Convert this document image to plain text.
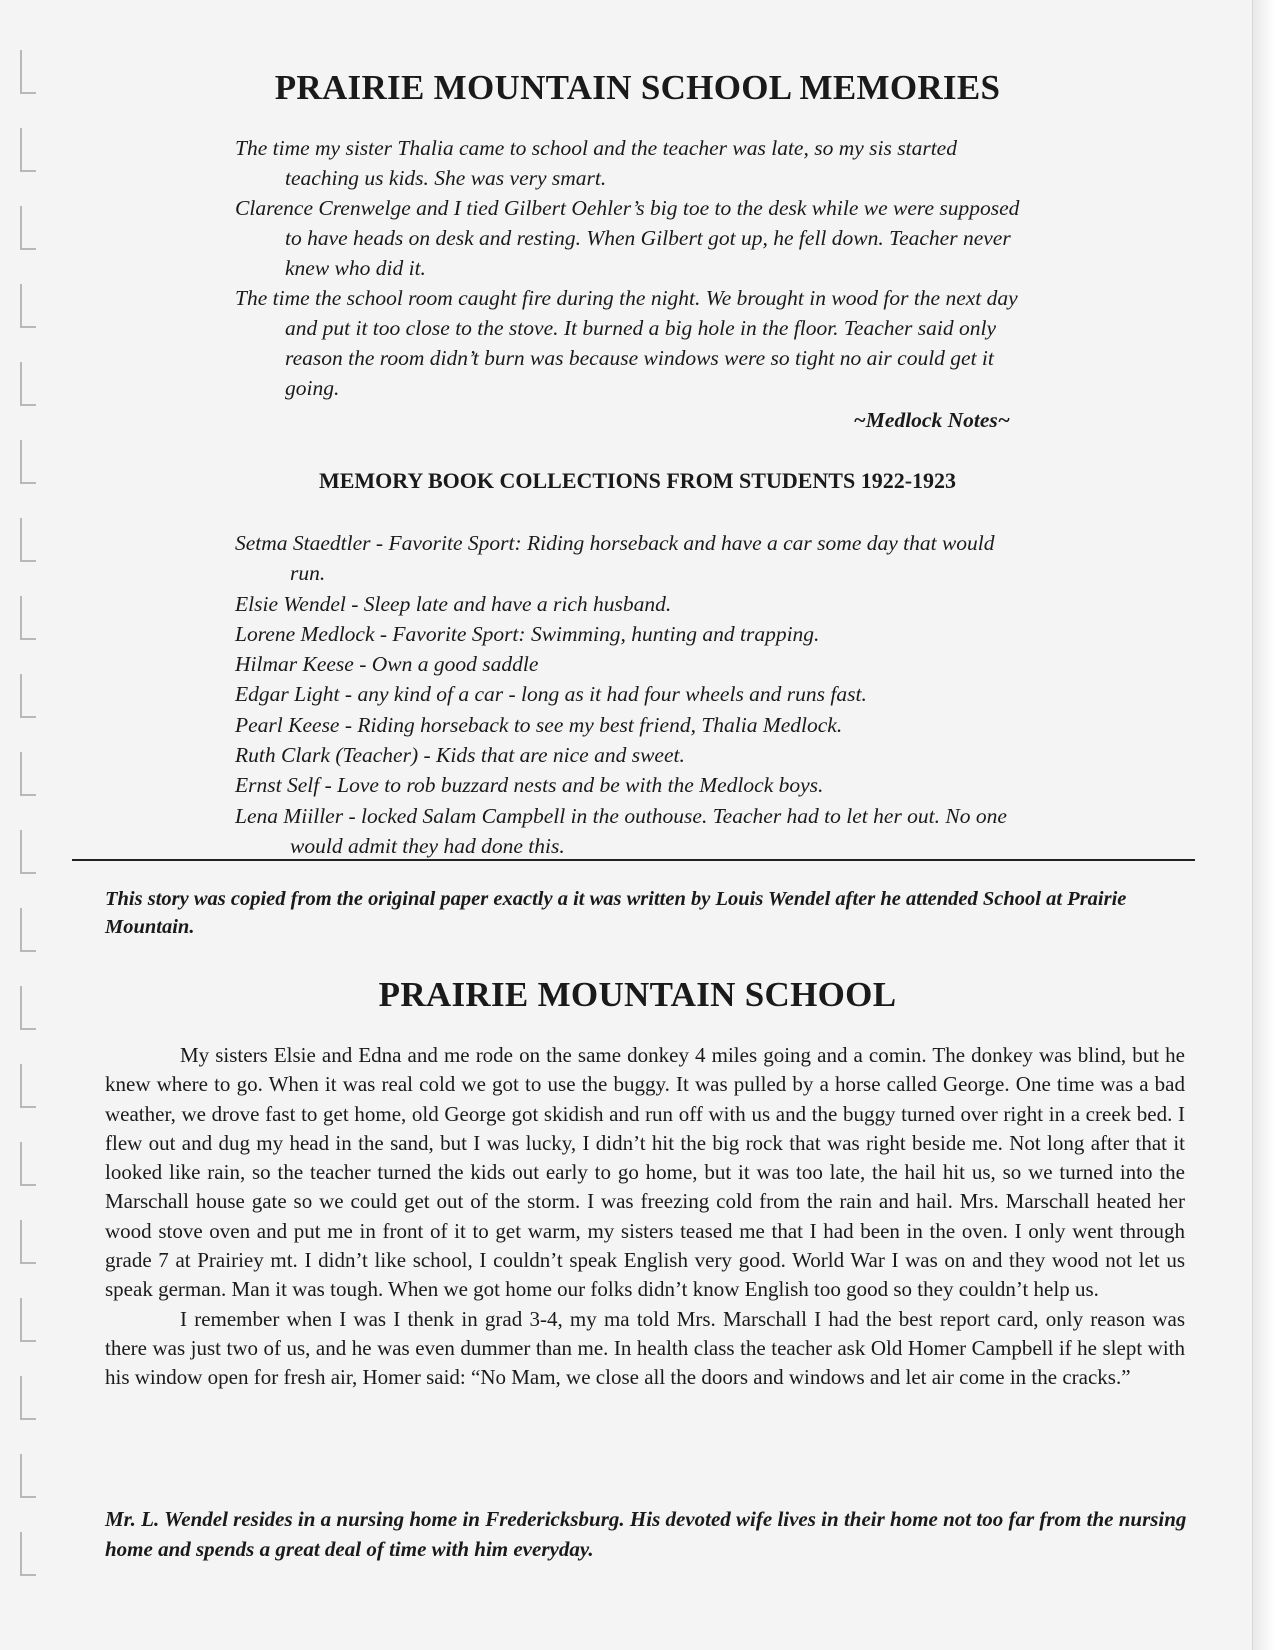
PRAIRIE MOUNTAIN SCHOOL MEMORIES

The time my sister Thalia came to school and the teacher was late, so my sis started teaching us kids. She was very smart.

Clarence Crenwelge and I tied Gilbert Oehler’s big toe to the desk while we were supposed to have heads on desk and resting. When Gilbert got up, he fell down. Teacher never knew who did it.

The time the school room caught fire during the night. We brought in wood for the next day and put it too close to the stove. It burned a big hole in the floor. Teacher said only reason the room didn’t burn was because windows were so tight no air could get it going.

~Medlock Notes~
MEMORY BOOK COLLECTIONS FROM STUDENTS 1922-1923

Setma Staedtler - Favorite Sport: Riding horseback and have a car some day that would run.

Elsie Wendel - Sleep late and have a rich husband.

Lorene Medlock - Favorite Sport: Swimming, hunting and trapping.

Hilmar Keese - Own a good saddle

Edgar Light - any kind of a car - long as it had four wheels and runs fast.

Pearl Keese - Riding horseback to see my best friend, Thalia Medlock.

Ruth Clark (Teacher) - Kids that are nice and sweet.

Ernst Self - Love to rob buzzard nests and be with the Medlock boys.

Lena Miiller - locked Salam Campbell in the outhouse. Teacher had to let her out. No one would admit they had done this.

This story was copied from the original paper exactly a it was written by Louis Wendel after he attended School at Prairie Mountain.
PRAIRIE MOUNTAIN SCHOOL

My sisters Elsie and Edna and me rode on the same donkey 4 miles going and a comin. The donkey was blind, but he knew where to go. When it was real cold we got to use the buggy. It was pulled by a horse called George. One time was a bad weather, we drove fast to get home, old George got skidish and run off with us and the buggy turned over right in a creek bed. I flew out and dug my head in the sand, but I was lucky, I didn’t hit the big rock that was right beside me. Not long after that it looked like rain, so the teacher turned the kids out early to go home, but it was too late, the hail hit us, so we turned into the Marschall house gate so we could get out of the storm. I was freezing cold from the rain and hail. Mrs. Marschall heated her wood stove oven and put me in front of it to get warm, my sisters teased me that I had been in the oven. I only went through grade 7 at Prairiey mt. I didn’t like school, I couldn’t speak English very good. World War I was on and they wood not let us speak german. Man it was tough. When we got home our folks didn’t know English too good so they couldn’t help us.

I remember when I was I thenk in grad 3-4, my ma told Mrs. Marschall I had the best report card, only reason was there was just two of us, and he was even dummer than me. In health class the teacher ask Old Homer Campbell if he slept with his window open for fresh air, Homer said: “No Mam, we close all the doors and windows and let air come in the cracks.”

Mr. L. Wendel resides in a nursing home in Fredericksburg. His devoted wife lives in their home not too far from the nursing home and spends a great deal of time with him everyday.
